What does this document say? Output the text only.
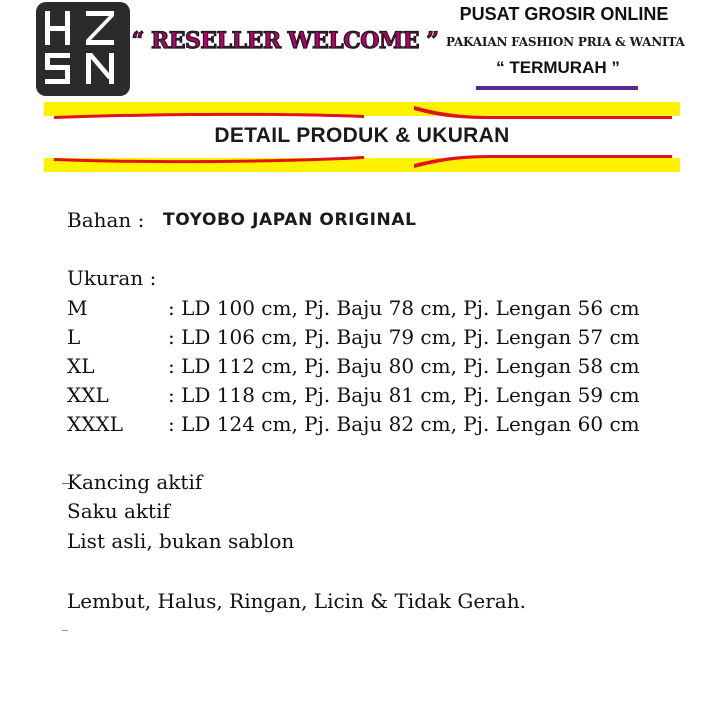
“ RESELLER WELCOME ”
PUSAT GROSIR ONLINE
PAKAIAN FASHION PRIA & WANITA
“ TERMURAH ”
DETAIL PRODUK & UKURAN
Bahan : TOYOBO JAPAN ORIGINAL
Ukuran :
M	: LD 100 cm, Pj. Baju 78 cm, Pj. Lengan 56 cm
L	: LD 106 cm, Pj. Baju 79 cm, Pj. Lengan 57 cm
XL	: LD 112 cm, Pj. Baju 80 cm, Pj. Lengan 58 cm
XXL	: LD 118 cm, Pj. Baju 81 cm, Pj. Lengan 59 cm
XXXL : LD 124 cm, Pj. Baju 82 cm, Pj. Lengan 60 cm
Kancing aktif
Saku aktif
List asli, bukan sablon
Lembut, Halus, Ringan, Licin & Tidak Gerah.
